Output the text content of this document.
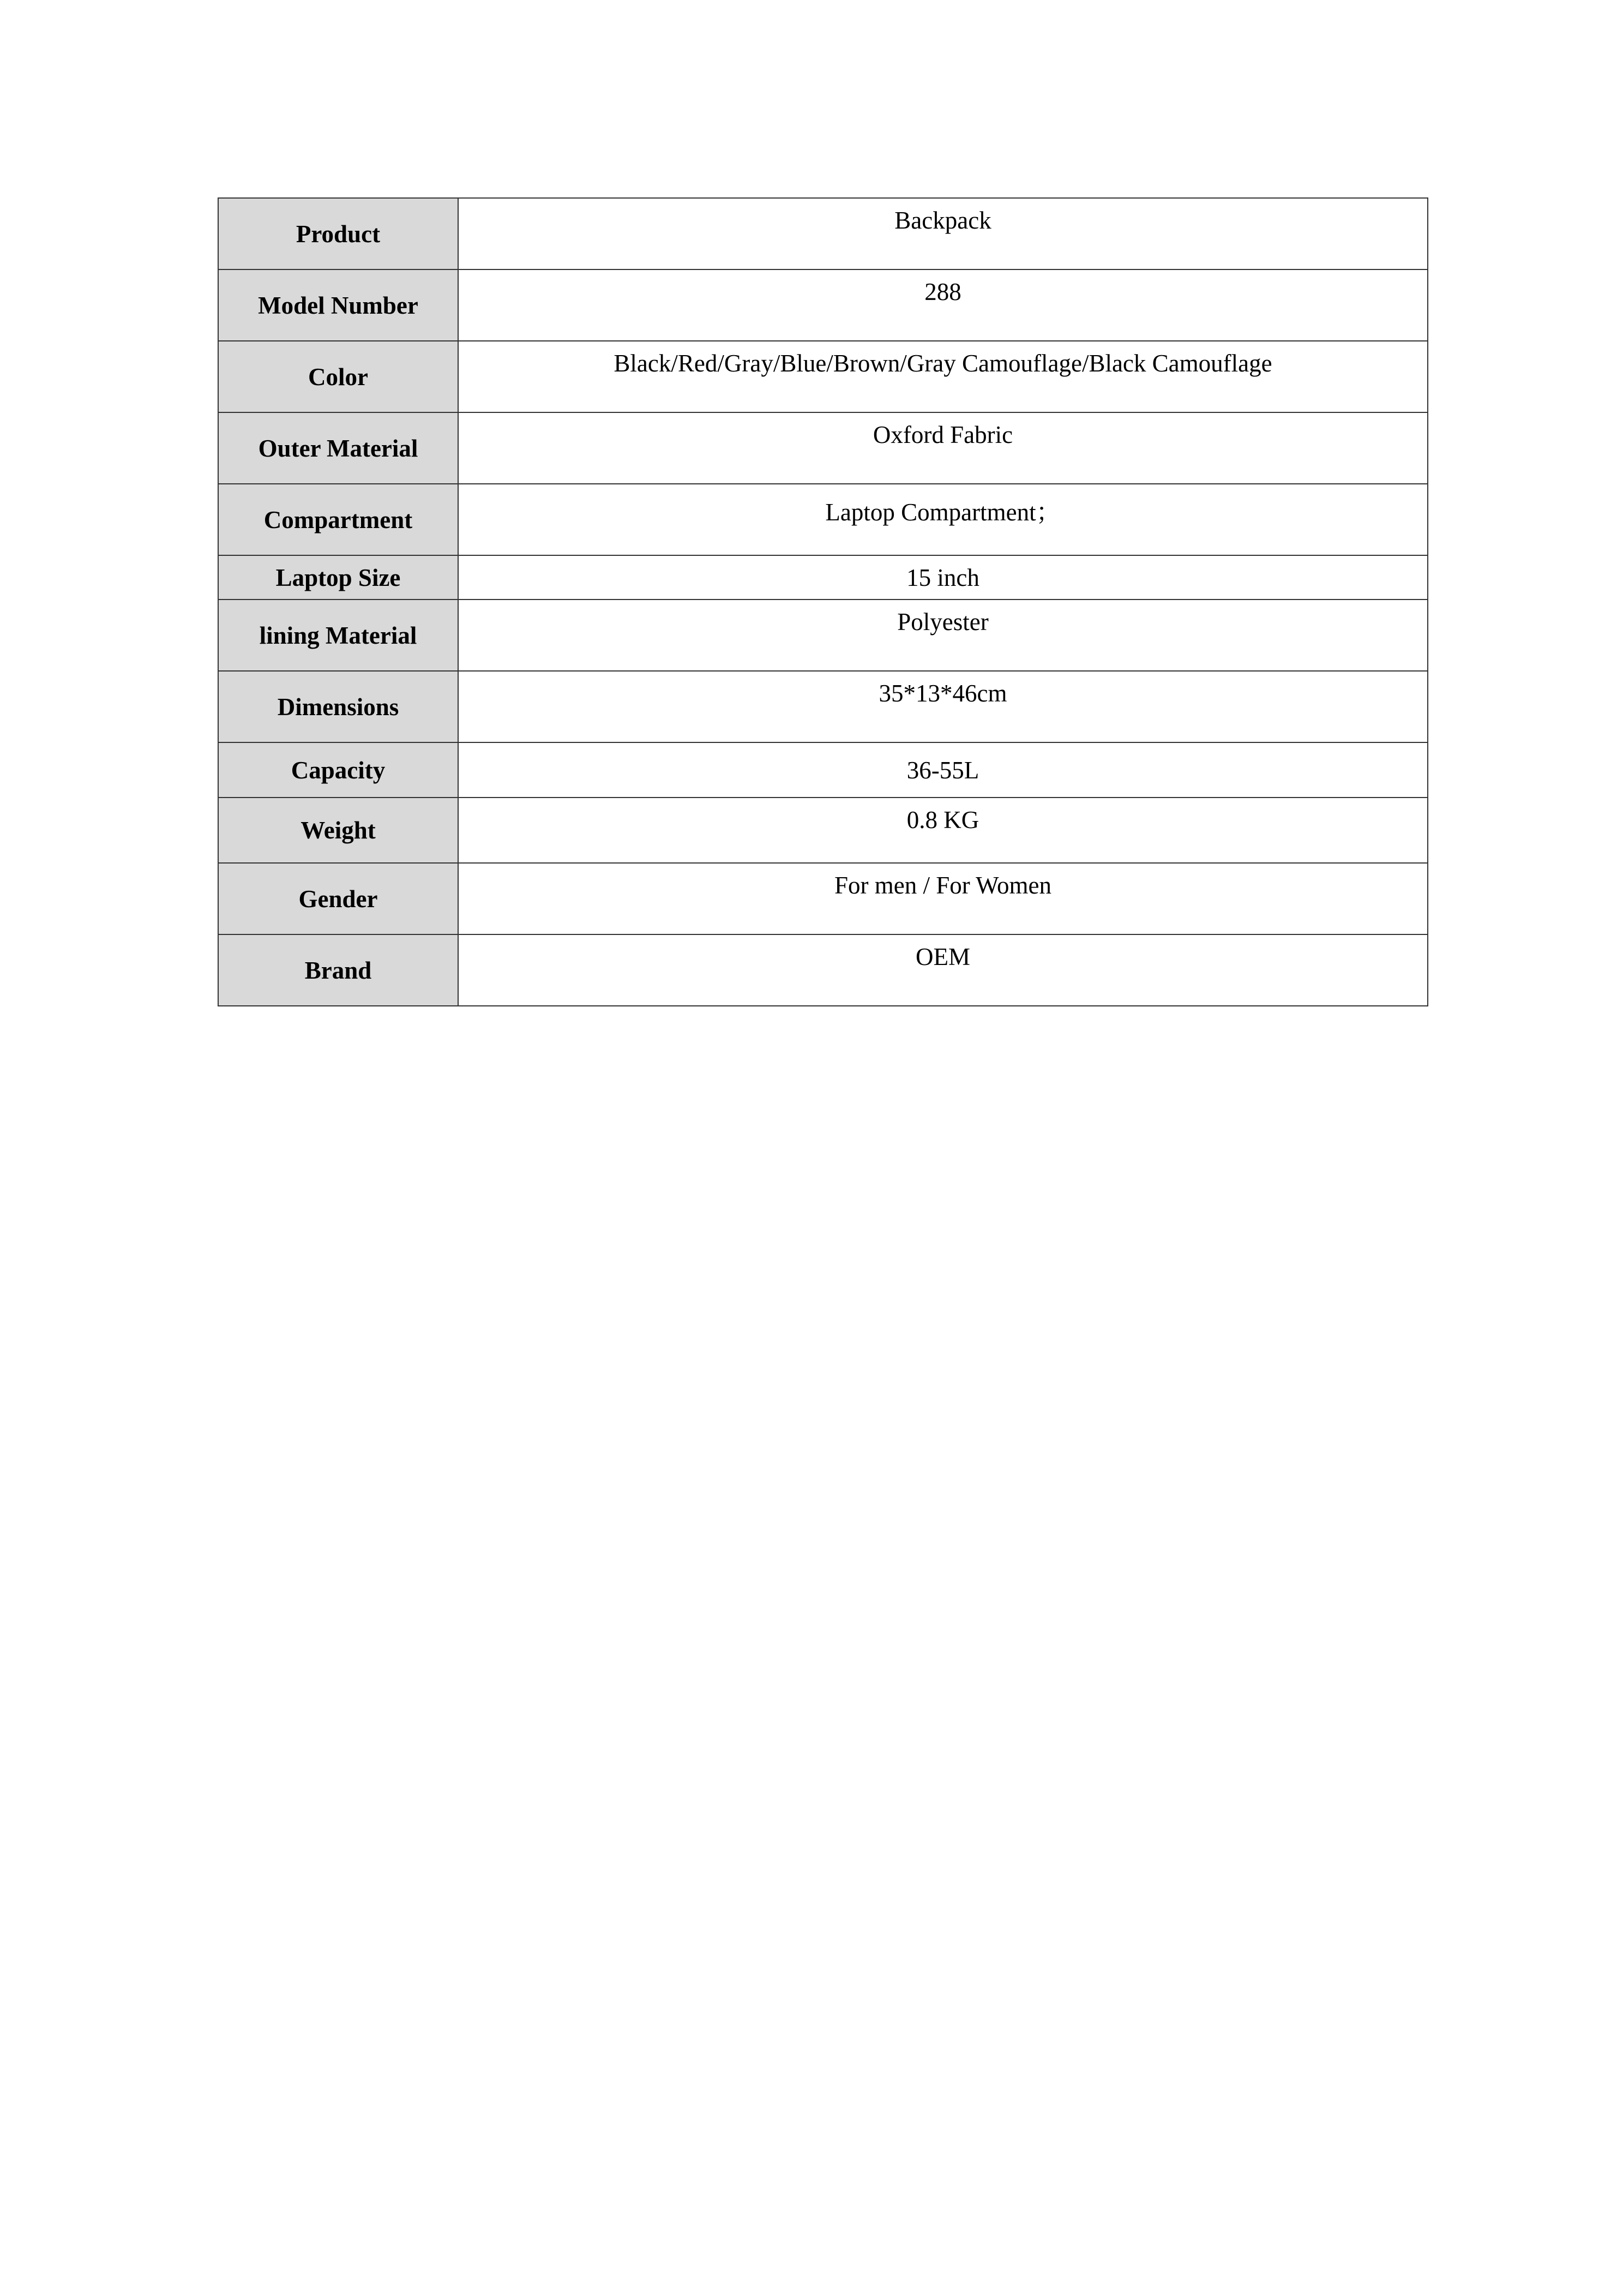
Product	Backpack
Model Number	288
Color	Black/Red/Gray/Blue/Brown/Gray Camouflage/Black Camouflage
Outer Material	Oxford Fabric
Compartment	Laptop Compartment；
Laptop Size	15 inch
lining Material	Polyester
Dimensions	35*13*46cm
Capacity	36-55L
Weight	0.8 KG
Gender	For men / For Women
Brand	OEM
